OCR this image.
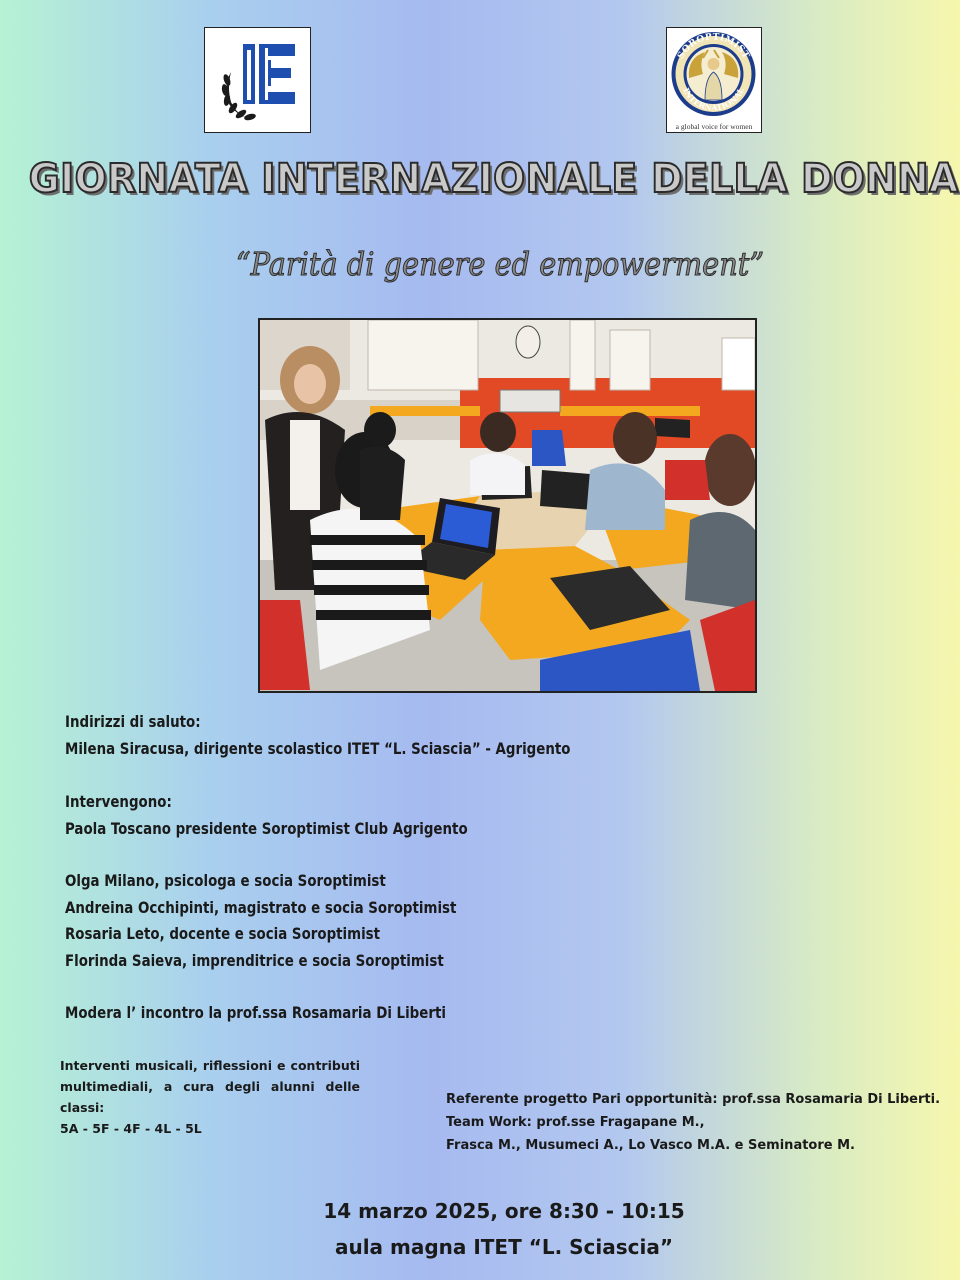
SOROPTIMIST
INTERNATIONAL
a global voice for women
GIORNATA INTERNAZIONALE DELLA DONNA
“Parità di genere ed empowerment”
Indirizzi di saluto:
Milena Siracusa, dirigente scolastico ITET “L. Sciascia” - Agrigento
Intervengono:
Paola Toscano presidente Soroptimist Club Agrigento
Olga Milano, psicologa e socia Soroptimist
Andreina Occhipinti, magistrato e socia Soroptimist
Rosaria Leto, docente e socia Soroptimist
Florinda Saieva, imprenditrice e socia Soroptimist
Modera l’ incontro la prof.ssa Rosamaria Di Liberti
Interventi musicali, riflessioni e contributi multimediali, a cura degli alunni delle classi:
5A - 5F - 4F - 4L - 5L
Referente progetto Pari opportunità: prof.ssa Rosamaria Di Liberti.
Team Work: prof.sse Fragapane M.,
Frasca M., Musumeci A., Lo Vasco M.A. e Seminatore M.
14 marzo 2025, ore 8:30 - 10:15
aula magna ITET “L. Sciascia”
